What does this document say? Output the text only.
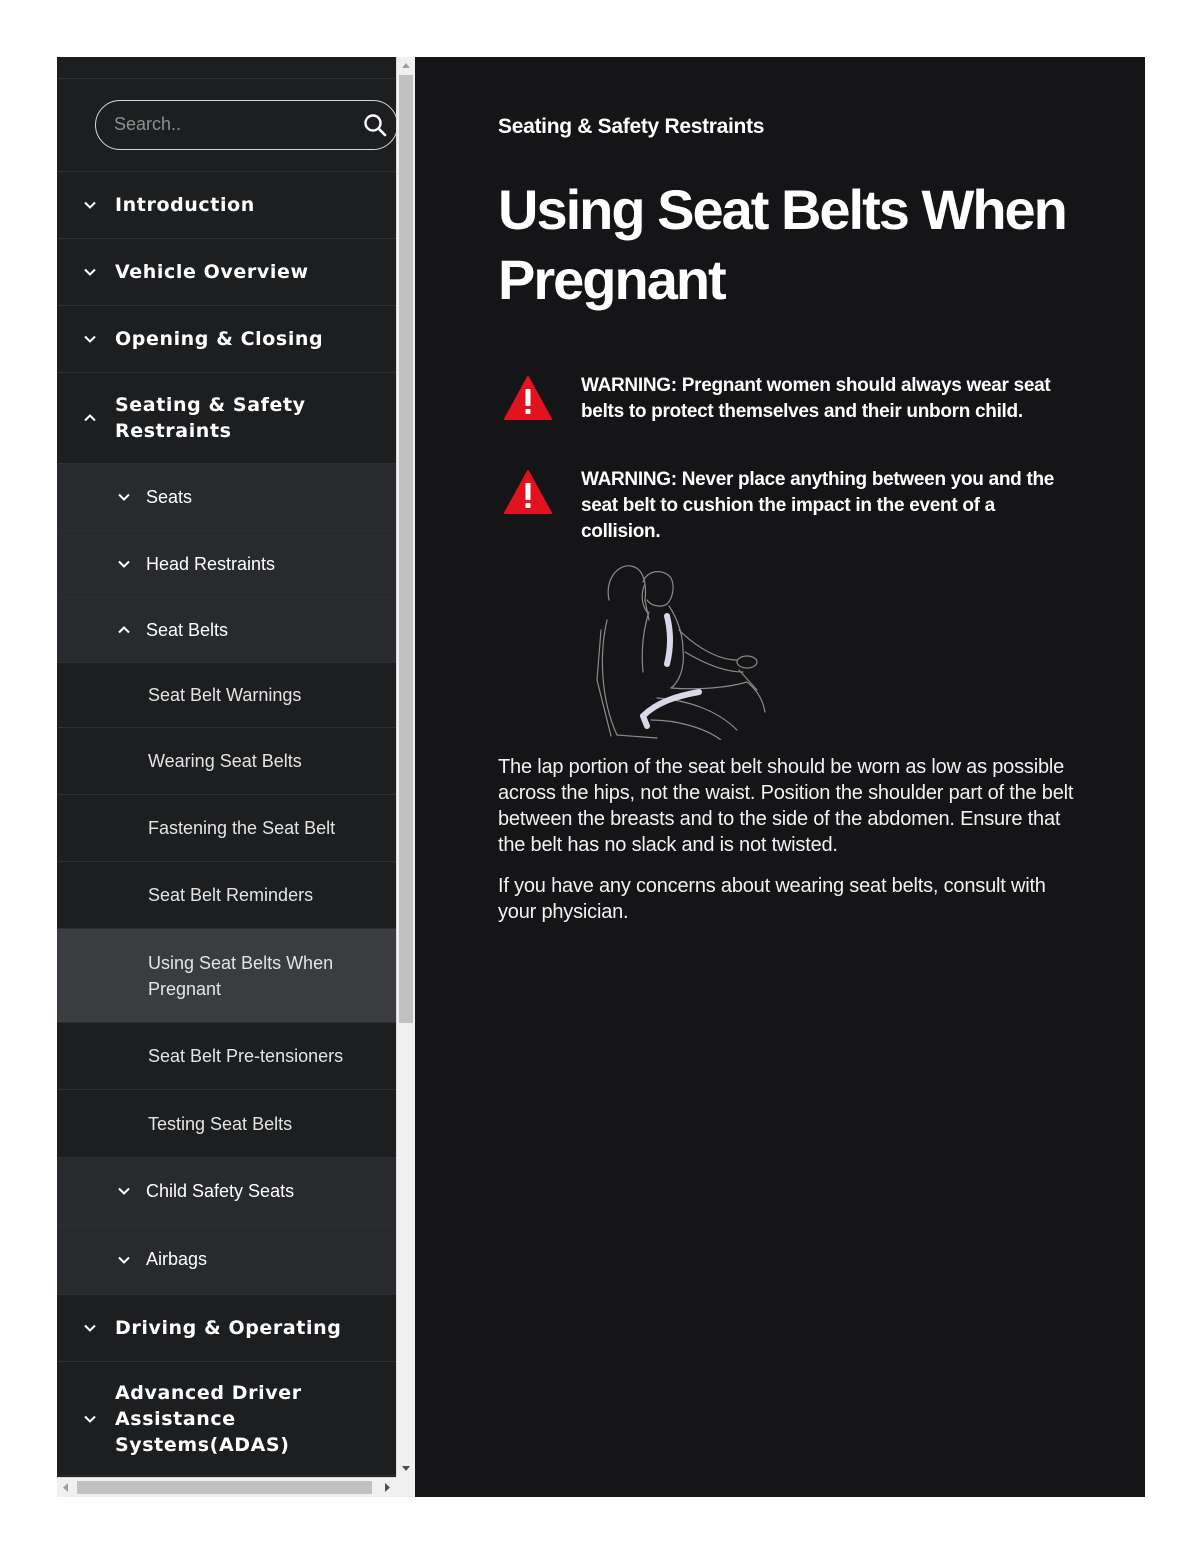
Search..
Introduction
Vehicle Overview
Opening & Closing
Seating & Safety Restraints
Seats
Head Restraints
Seat Belts
Seat Belt Warnings
Wearing Seat Belts
Fastening the Seat Belt
Seat Belt Reminders
Using Seat Belts When Pregnant
Seat Belt Pre-tensioners
Testing Seat Belts
Child Safety Seats
Airbags
Driving & Operating
Advanced Driver Assistance Systems(ADAS)
Seating & Safety Restraints
Using Seat Belts When Pregnant
WARNING: Pregnant women should always wear seat belts to protect themselves and their unborn child.
WARNING: Never place anything between you and the seat belt to cushion the impact in the event of a collision.

The lap portion of the seat belt should be worn as low as possible across the hips, not the waist. Position the shoulder part of the belt between the breasts and to the side of the abdomen. Ensure that the belt has no slack and is not twisted.

If you have any concerns about wearing seat belts, consult with your physician.
